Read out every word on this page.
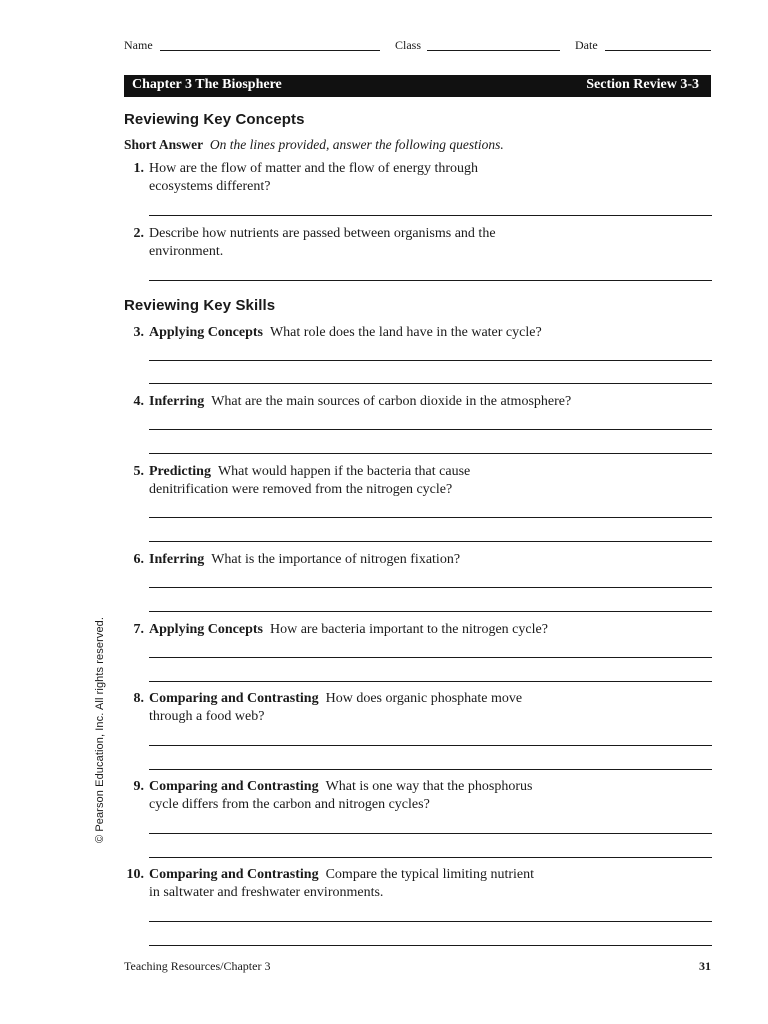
Name	Class	Date
Chapter 3 The Biosphere	Section Review 3-3
Reviewing Key Concepts
Short Answer On the lines provided, answer the following questions.
Reviewing Key Skills
1. How are the flow of matter and the flow of energy through
ecosystems different?
2. Describe how nutrients are passed between organisms and the
environment.
3. Applying Concepts What role does the land have in the water cycle?
4. Inferring What are the main sources of carbon dioxide in the atmosphere?
5. Predicting What would happen if the bacteria that cause
denitrification were removed from the nitrogen cycle?
6. Inferring What is the importance of nitrogen fixation?
7. Applying Concepts How are bacteria important to the nitrogen cycle?
8. Comparing and Contrasting How does organic phosphate move
through a food web?
9. Comparing and Contrasting What is one way that the phosphorus
cycle differs from the carbon and nitrogen cycles?
10. Comparing and Contrasting Compare the typical limiting nutrient
in saltwater and freshwater environments.
© Pearson Education, Inc. All rights reserved.
Teaching Resources/Chapter 3	31
